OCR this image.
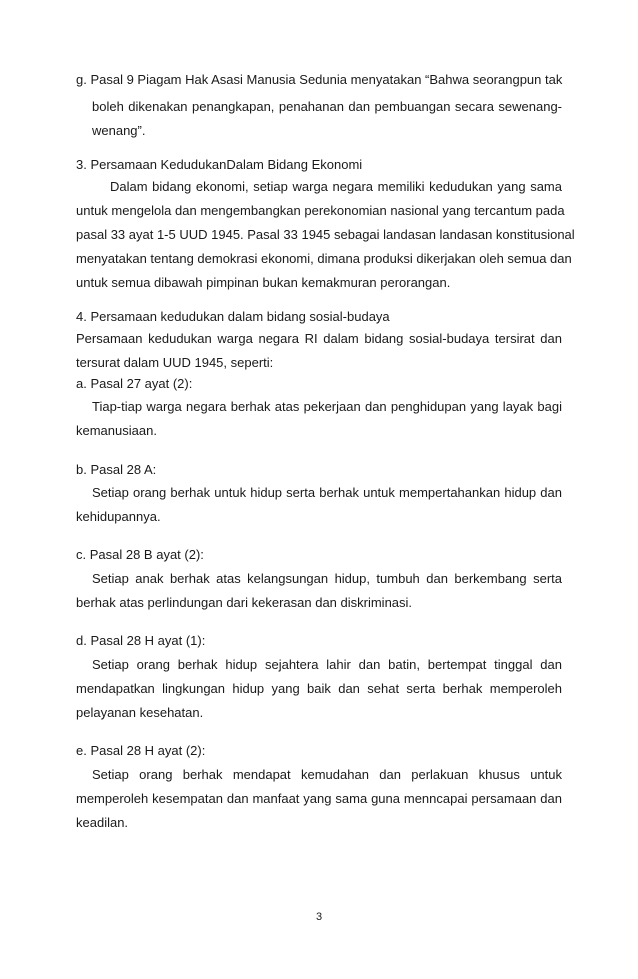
g. Pasal 9 Piagam Hak Asasi Manusia Sedunia menyatakan “Bahwa seorangpun tak
boleh dikenakan penangkapan, penahanan dan pembuangan secara sewenang-
wenang”.
3. Persamaan KedudukanDalam Bidang Ekonomi
Dalam bidang ekonomi, setiap warga negara memiliki kedudukan yang sama
untuk mengelola dan mengembangkan perekonomian nasional yang tercantum pada
pasal 33 ayat 1-5 UUD 1945. Pasal 33 1945 sebagai landasan landasan konstitusional
menyatakan tentang demokrasi ekonomi, dimana produksi dikerjakan oleh semua dan
untuk semua dibawah pimpinan bukan kemakmuran perorangan.
4. Persamaan kedudukan dalam bidang sosial-budaya
Persamaan kedudukan warga negara RI dalam bidang sosial-budaya tersirat dan
tersurat dalam UUD 1945, seperti:
a. Pasal 27 ayat (2):
Tiap-tiap warga negara berhak atas pekerjaan dan penghidupan yang layak bagi
kemanusiaan.
b. Pasal 28 A:
Setiap orang berhak untuk hidup serta berhak untuk mempertahankan hidup dan
kehidupannya.
c. Pasal 28 B ayat (2):
Setiap anak berhak atas kelangsungan hidup, tumbuh dan berkembang serta
berhak atas perlindungan dari kekerasan dan diskriminasi.
d. Pasal 28 H ayat (1):
Setiap orang berhak hidup sejahtera lahir dan batin, bertempat tinggal dan
mendapatkan lingkungan hidup yang baik dan sehat serta berhak memperoleh
pelayanan kesehatan.
e. Pasal 28 H ayat (2):
Setiap orang berhak mendapat kemudahan dan perlakuan khusus untuk
memperoleh kesempatan dan manfaat yang sama guna menncapai persamaan dan
keadilan.
3
